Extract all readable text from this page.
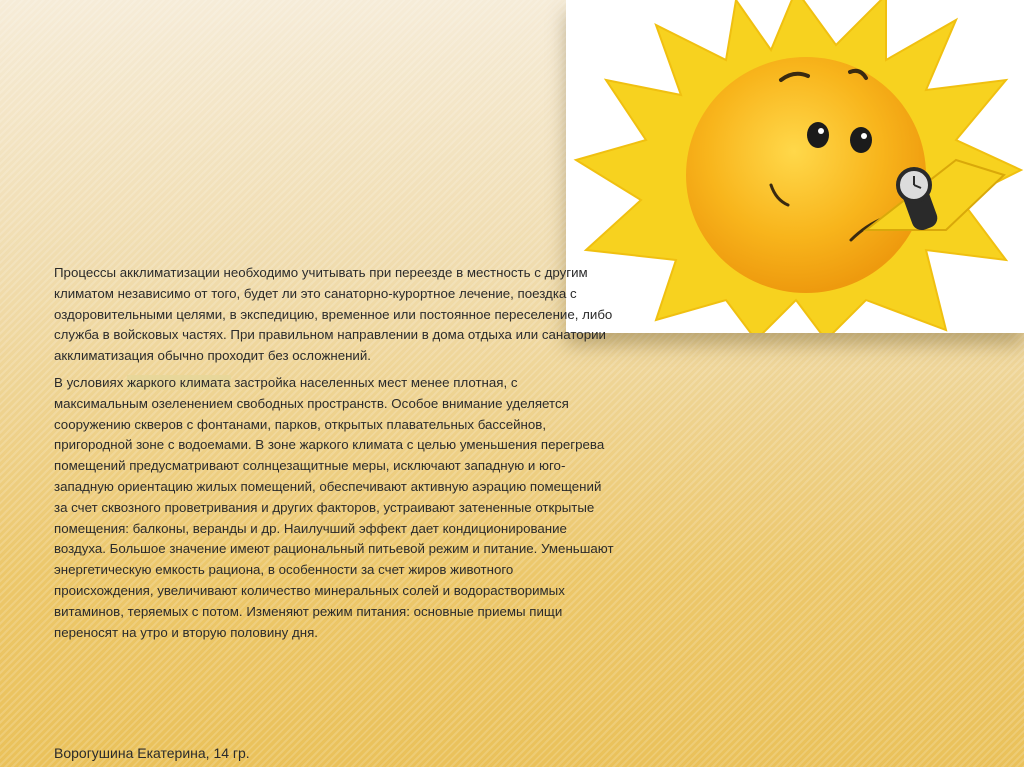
Процессы акклиматизации необходимо учитывать при переезде в местность с другим климатом независимо от того, будет ли это санаторно-курортное лечение, поездка с оздоровительными целями, в экспедицию, временное или постоянное переселение, либо служба в войсковых частях. При правильном направлении в дома отдыха или санатории акклиматизация обычно проходит без осложнений.

В условиях жаркого климата застройка населенных мест менее плотная, с максимальным озеленением свободных пространств. Особое внимание уделяется сооружению скверов с фонтанами, парков, открытых плавательных бассейнов, пригородной зоне с водоемами. В зоне жаркого климата с целью уменьшения перегрева помещений предусматривают солнцезащитные меры, исключают западную и юго-западную ориентацию жилых помещений, обеспечивают активную аэрацию помещений за счет сквозного проветривания и других факторов, устраивают затененные открытые помещения: балконы, веранды и др. Наилучший эффект дает кондиционирование воздуха. Большое значение имеют рациональный питьевой режим и питание. Уменьшают энергетическую емкость рациона, в особенности за счет жиров животного происхождения, увеличивают количество минеральных солей и водорастворимых витаминов, теряемых с потом. Изменяют режим питания: основные приемы пищи переносят на утро и вторую половину дня.

Ворогушина Екатерина, 14 гр.
